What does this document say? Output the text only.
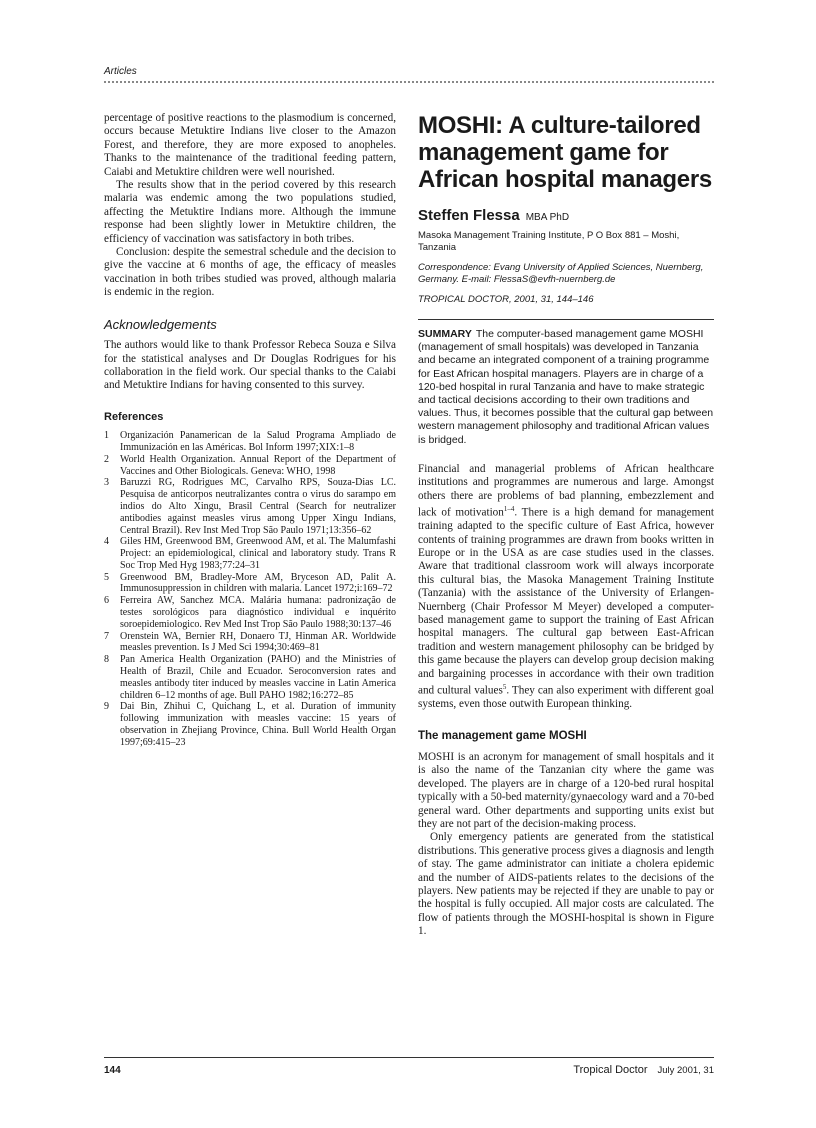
Articles

percentage of positive reactions to the plasmodium is concerned, occurs because Metuktire Indians live closer to the Amazon Forest, and therefore, they are more exposed to anopheles. Thanks to the maintenance of the traditional feeding pattern, Caiabi and Metuktire children were well nourished.

The results show that in the period covered by this research malaria was endemic among the two populations studied, affecting the Metuktire Indians more. Although the immune response had been slightly lower in Metuktire children, the efficiency of vaccination was satisfactory in both tribes.

Conclusion: despite the semestral schedule and the decision to give the vaccine at 6 months of age, the efficacy of measles vaccination in both tribes studied was proved, although malaria is endemic in the region.

Acknowledgements

The authors would like to thank Professor Rebeca Souza e Silva for the statistical analyses and Dr Douglas Rodrigues for his collaboration in the field work. Our special thanks to the Caiabi and Metuktire Indians for having consented to this survey.

References
1	Organización Panamerican de la Salud Programa Ampliado de Immunización en las Américas. Bol Inform 1997;XIX:1–8
2	World Health Organization. Annual Report of the Department of Vaccines and Other Biologicals. Geneva: WHO, 1998
3	Baruzzi RG, Rodrigues MC, Carvalho RPS, Souza-Dias LC. Pesquisa de anticorpos neutralizantes contra o virus do sarampo em indios do Alto Xingu, Brasil Central (Search for neutralizer antibodies against measles virus among Upper Xingu Indians, Central Brazil). Rev Inst Med Trop São Paulo 1971;13:356–62
4	Giles HM, Greenwood BM, Greenwood AM, et al. The Malumfashi Project: an epidemiological, clinical and laboratory study. Trans R Soc Trop Med Hyg 1983;77:24–31
5	Greenwood BM, Bradley-More AM, Bryceson AD, Palit A. Immunosuppression in children with malaria. Lancet 1972;i:169–72
6	Ferreira AW, Sanchez MCA. Malária humana: padronização de testes sorológicos para diagnóstico individual e inquérito soroepidemiologico. Rev Med Inst Trop São Paulo 1988;30:137–46
7	Orenstein WA, Bernier RH, Donaero TJ, Hinman AR. Worldwide measles prevention. Is J Med Sci 1994;30:469–81
8	Pan America Health Organization (PAHO) and the Ministries of Health of Brazil, Chile and Ecuador. Seroconversion rates and measles antibody titer induced by measles vaccine in Latin America children 6–12 months of age. Bull PAHO 1982;16:272–85
9	Dai Bin, Zhihui C, Quichang L, et al. Duration of immunity following immunization with measles vaccine: 15 years of observation in Zhejiang Province, China. Bull World Health Organ 1997;69:415–23
MOSHI: A culture-tailored management game for African hospital managers
Steffen Flessa MBA PhD
Masoka Management Training Institute, P O Box 881 – Moshi, Tanzania
Correspondence: Evang University of Applied Sciences, Nuernberg, Germany. E-mail: FlessaS@evfh-nuernberg.de
TROPICAL DOCTOR, 2001, 31, 144–146
SUMMARY The computer-based management game MOSHI (management of small hospitals) was developed in Tanzania and became an integrated component of a training programme for East African hospital managers. Players are in charge of a 120-bed hospital in rural Tanzania and have to make strategic and tactical decisions according to their own traditions and values. Thus, it becomes possible that the cultural gap between western management philosophy and traditional African values is bridged.

Financial and managerial problems of African healthcare institutions and programmes are numerous and large. Amongst others there are problems of bad planning, embezzlement and lack of motivation$^{1-4}$. There is a high demand for management training adapted to the specific culture of East Africa, however contents of training programmes are drawn from books written in Europe or in the USA as are case studies used in the classes. Aware that traditional classroom work will always incorporate this cultural bias, the Masoka Management Training Institute (Tanzania) with the assistance of the University of Erlangen-Nuernberg (Chair Professor M Meyer) developed a computer-based management game to support the training of East African hospital managers. The cultural gap between East-African tradition and western management philosophy can be bridged by this game because the players can develop group decision making and bargaining processes in accordance with their own tradition and cultural values$^5$. They can also experiment with different goal systems, even those outwith European thinking.

The management game MOSHI

MOSHI is an acronym for management of small hospitals and it is also the name of the Tanzanian city where the game was developed. The players are in charge of a 120-bed rural hospital typically with a 50-bed maternity/gynaecology ward and a 70-bed general ward. Other departments and supporting units exist but they are not part of the decision-making process.

Only emergency patients are generated from the statistical distributions. This generative process gives a diagnosis and length of stay. The game administrator can initiate a cholera epidemic and the number of AIDS-patients relates to the decisions of the players. New patients may be rejected if they are unable to pay or the hospital is fully occupied. All major costs are calculated. The flow of patients through the MOSHI-hospital is shown in Figure 1.

144	Tropical Doctor July 2001, 31
